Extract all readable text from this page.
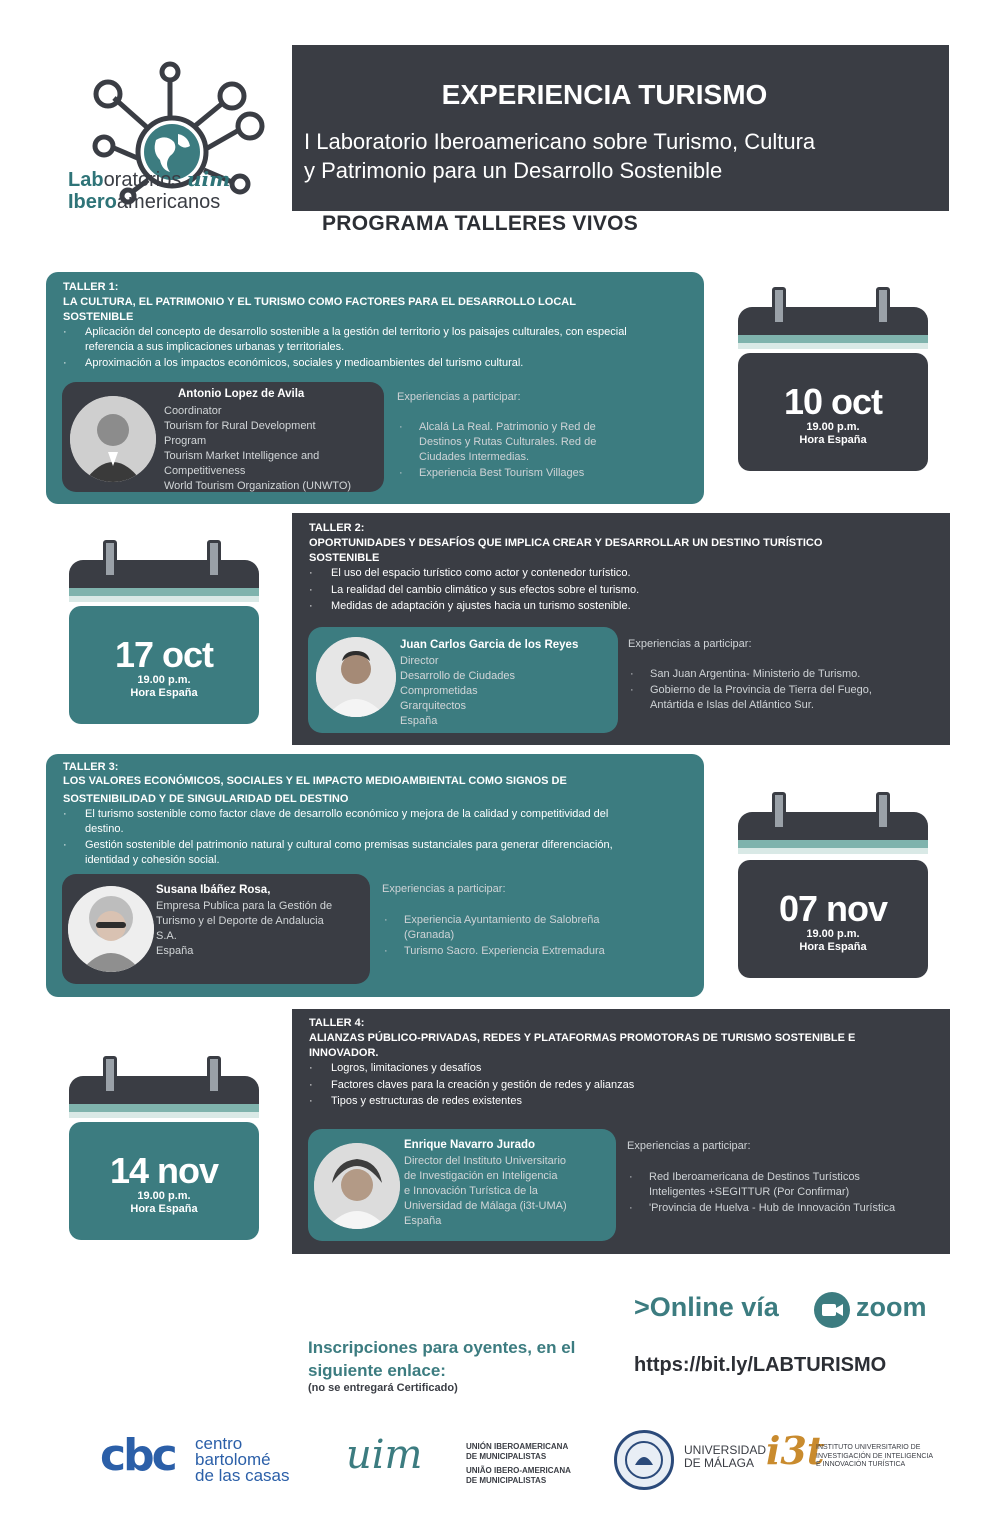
Laboratorios uim
Iberoamericanos
EXPERIENCIA TURISMO
I Laboratorio Iberoamericano sobre Turismo, Cultura
y Patrimonio para un Desarrollo Sostenible
PROGRAMA TALLERES VIVOS
TALLER 1:
LA CULTURA, EL PATRIMONIO Y EL TURISMO COMO FACTORES PARA EL DESARROLLO LOCAL
SOSTENIBLE
· Aplicación del concepto de desarrollo sostenible a la gestión del territorio y los paisajes culturales, con especial referencia a sus implicaciones urbanas y territoriales.
· Aproximación a los impactos económicos, sociales y medioambientes del turismo cultural.
Antonio Lopez de Avila
Coordinator
Tourism for Rural Development
Program
Tourism Market Intelligence and
Competitiveness
World Tourism Organization (UNWTO)
Experiencias a participar:
· Alcalá La Real. Patrimonio y Red de Destinos y Rutas Culturales. Red de Ciudades Intermedias.
· Experiencia Best Tourism Villages
10 oct
19.00 p.m.
Hora España
TALLER 2:
OPORTUNIDADES Y DESAFÍOS QUE IMPLICA CREAR Y DESARROLLAR UN DESTINO TURÍSTICO
SOSTENIBLE
· El uso del espacio turístico como actor y contenedor turístico.
· La realidad del cambio climático y sus efectos sobre el turismo.
· Medidas de adaptación y ajustes hacia un turismo sostenible.
Juan Carlos Garcia de los Reyes
Director
Desarrollo de Ciudades
Comprometidas
Grarquitectos
España
Experiencias a participar:
· San Juan Argentina- Ministerio de Turismo.
· Gobierno de la Provincia de Tierra del Fuego, Antártida e Islas del Atlántico Sur.
17 oct
19.00 p.m.
Hora España
TALLER 3:
LOS VALORES ECONÓMICOS, SOCIALES Y EL IMPACTO MEDIOAMBIENTAL COMO SIGNOS DE
SOSTENIBILIDAD Y DE SINGULARIDAD DEL DESTINO
· El turismo sostenible como factor clave de desarrollo económico y mejora de la calidad y competitividad del destino.
· Gestión sostenible del patrimonio natural y cultural como premisas sustanciales para generar diferenciación, identidad y cohesión social.
Susana Ibáñez Rosa,
Empresa Publica para la Gestión de
Turismo y el Deporte de Andalucia
S.A.
España
Experiencias a participar:
· Experiencia Ayuntamiento de Salobreña (Granada)
· Turismo Sacro. Experiencia Extremadura
07 nov
19.00 p.m.
Hora España
TALLER 4:
ALIANZAS PÚBLICO-PRIVADAS, REDES Y PLATAFORMAS PROMOTORAS DE TURISMO SOSTENIBLE E
INNOVADOR.
· Logros, limitaciones y desafíos
· Factores claves para la creación y gestión de redes y alianzas
· Tipos y estructuras de redes existentes
Enrique Navarro Jurado
Director del Instituto Universitario
de Investigación en Inteligencia
e Innovación Turística de la
Universidad de Málaga (i3t-UMA)
España
Experiencias a participar:
· Red Iberoamericana de Destinos Turísticos Inteligentes +SEGITTUR (Por Confirmar)
· 'Provincia de Huelva - Hub de Innovación Turística
14 nov
19.00 p.m.
Hora España
>Online vía	zoom
Inscripciones para oyentes, en el siguiente enlace:
(no se entregará Certificado)
https://bit.ly/LABTURISMO
cbc centro
bartolomé
de las casas uim	UNIÓN IBEROAMERICANA
DE MUNICIPALISTAS
UNIÃO IBERO-AMERICANA
DE MUNICIPALISTAS
UNIVERSIDAD
DE MÁLAGA i3t
INSTITUTO UNIVERSITARIO DE
INVESTIGACIÓN DE INTELIGENCIA
E INNOVACIÓN TURÍSTICA
